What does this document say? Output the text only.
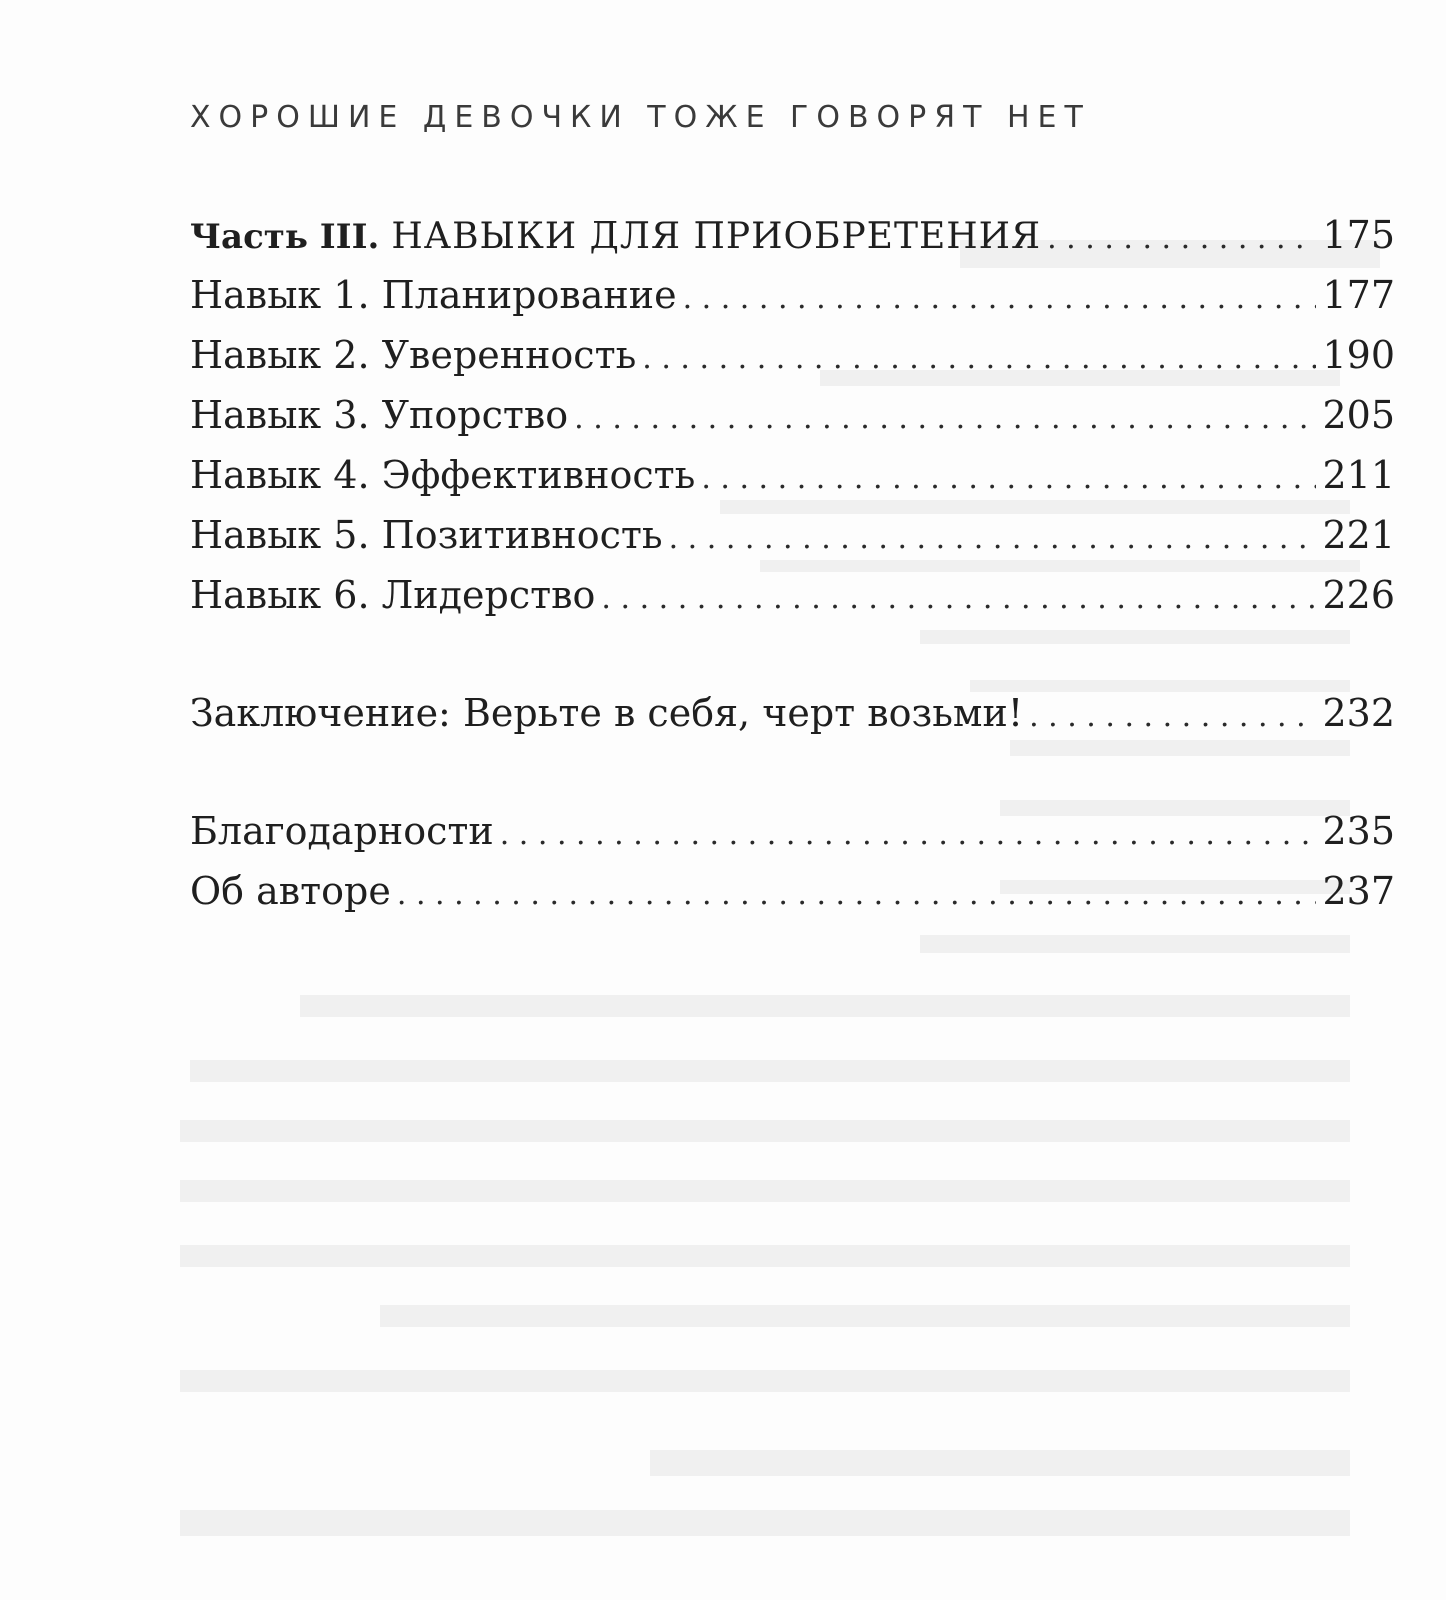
ХОРОШИЕ ДЕВОЧКИ ТОЖЕ ГОВОРЯТ НЕТ
Часть III. НАВЫКИ ДЛЯ ПРИОБРЕТЕНИЯ . . .	175
Навык 1. Планирование . . .	177
Навык 2. Уверенность . . .	190
Навык 3. Упорство . . .	205
Навык 4. Эффективность . . .	211
Навык 5. Позитивность . . .	221
Навык 6. Лидерство . . .	226
Заключение: Верьте в себя, черт возьми! . . .	232
Благодарности . . .	235
Об авторе . . .	237
